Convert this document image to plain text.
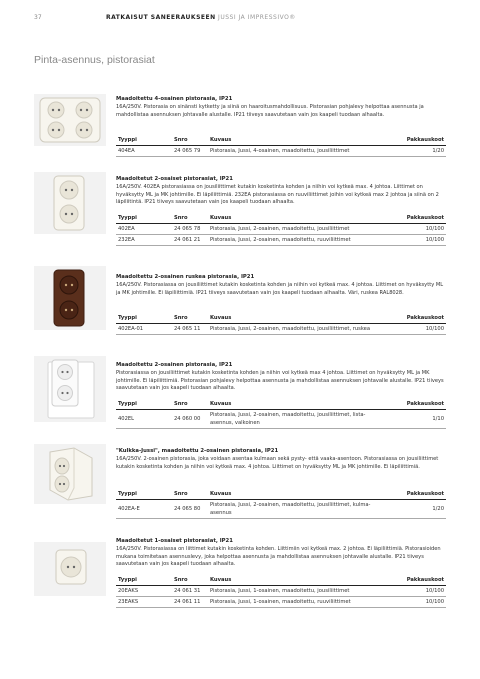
37	RATKAISUT SANEERAUKSEEN JUSSI JA IMPRESSIVO®
Pinta-asennus, pistorasiat

Maadoitettu 4-osainen pistorasia, IP21

16A/250V. Pistorasia on sinänsti kytketty ja siinä on haaroitusmahdollisuus. Pistorasian pohjalevy helpottaa asennusta ja mahdollistaa asennuksen johtavalle alustalle. IP21 tiiveys saavutetaan vain jos kaapeli tuodaan alhaalta.

Tyyppi	Snro	Kuvaus	Pakkauskoot
404EA	24 065 79	Pistorasia, Jussi, 4-osainen, maadoitettu, jousiliittimet	1/20

Maadoitetut 2-osaiset pistorasiat, IP21

16A/250V. 402EA pistorasiassa on jousiliittimet kutakin kosketinta kohden ja niihin voi kytkeä max. 4 johtoa. Liittimet on hyväksytty ML ja MK johtimille. Ei läpiliittimiä. 232EA pistorasiassa on ruuviliittimet joihin voi kytkeä max 2 johtoa ja siinä on 2 läpiliitintä. IP21 tiiveys saavutetaan vain jos kaapeli tuodaan alhaalta.

Tyyppi	Snro	Kuvaus	Pakkauskoot
402EA	24 065 78	Pistorasia, Jussi, 2-osainen, maadoitettu, jousiliittimet	10/100
232EA	24 061 21	Pistorasia, Jussi, 2-osainen, maadoitettu, ruuviliittimet	10/100

Maadoitettu 2-osainen ruskea pistorasia, IP21

16A/250V. Pistorasiassa on jousiliittimet kutakin kosketinta kohden ja niihin voi kytkeä max. 4 johtoa. Liittimet on hyväksytty ML ja MK johtimille. Ei läpiliittimiä. IP21 tiiveys saavutetaan vain jos kaapeli tuodaan alhaalta. Väri, ruskea RAL8028.

Tyyppi	Snro	Kuvaus	Pakkauskoot
402EA-01	24 065 11	Pistorasia, Jussi, 2-osainen, maadoitettu, jousiliittimet, ruskea	10/100

Maadoitettu 2-osainen pistorasia, IP21

Pistorasiassa on jousiliittimet kutakin kosketinta kohden ja niihin voi kytkeä max 4 johtoa. Liittimet on hyväksytty ML ja MK johtimille. Ei läpiliittimiä. Pistorasian pohjalevy helpottaa asennusta ja mahdollistaa asennuksen johtavalle alustalle. IP21 tiiveys saavutetaan vain jos kaapeli tuodaan alhaalta.

Tyyppi	Snro	Kuvaus	Pakkauskoot
402EL	24 060 00	Pistorasia, Jussi, 2-osainen, maadoitettu, jousiliittimet, lista-asennus, valkoinen	1/10

"Kulkka-Jussi", maadoitettu 2-osainen pistorasia, IP21

16A/250V. 2-osainen pistorasia, joka voidaan asentaa kulmaan sekä pysty- että vaaka-asentoon. Pistorasiassa on jousiliittimet kutakin kosketinta kohden ja niihin voi kytkeä max. 4 johtoa. Liittimet on hyväksytty ML ja MK johtimille. Ei läpiliittimiä.

Tyyppi	Snro	Kuvaus	Pakkauskoot
402EA-E	24 065 80	Pistorasia, Jussi, 2-osainen, maadoitettu, jousiliittimet, kulma-asennus	1/20

Maadoitetut 1-osaiset pistorasiat, IP21

16A/250V. Pistorasiassa on liittimet kutakin kosketinta kohden. Liittimiin voi kytkeä max. 2 johtoa. Ei läpiliittimiä. Pistorasioiden mukana toimitetaan asennuslevy, joka helpottaa asennusta ja mahdollistaa asennuksen johtavalle alustalle. IP21 tiiveys saavutetaan vain jos kaapeli tuodaan alhaalta.

Tyyppi	Snro	Kuvaus	Pakkauskoot
20EAKS	24 061 31	Pistorasia, Jussi, 1-osainen, maadoitettu, jousiliittimet	10/100
23EAKS	24 061 11	Pistorasia, Jussi, 1-osainen, maadoitettu, ruuviliittimet	10/100
